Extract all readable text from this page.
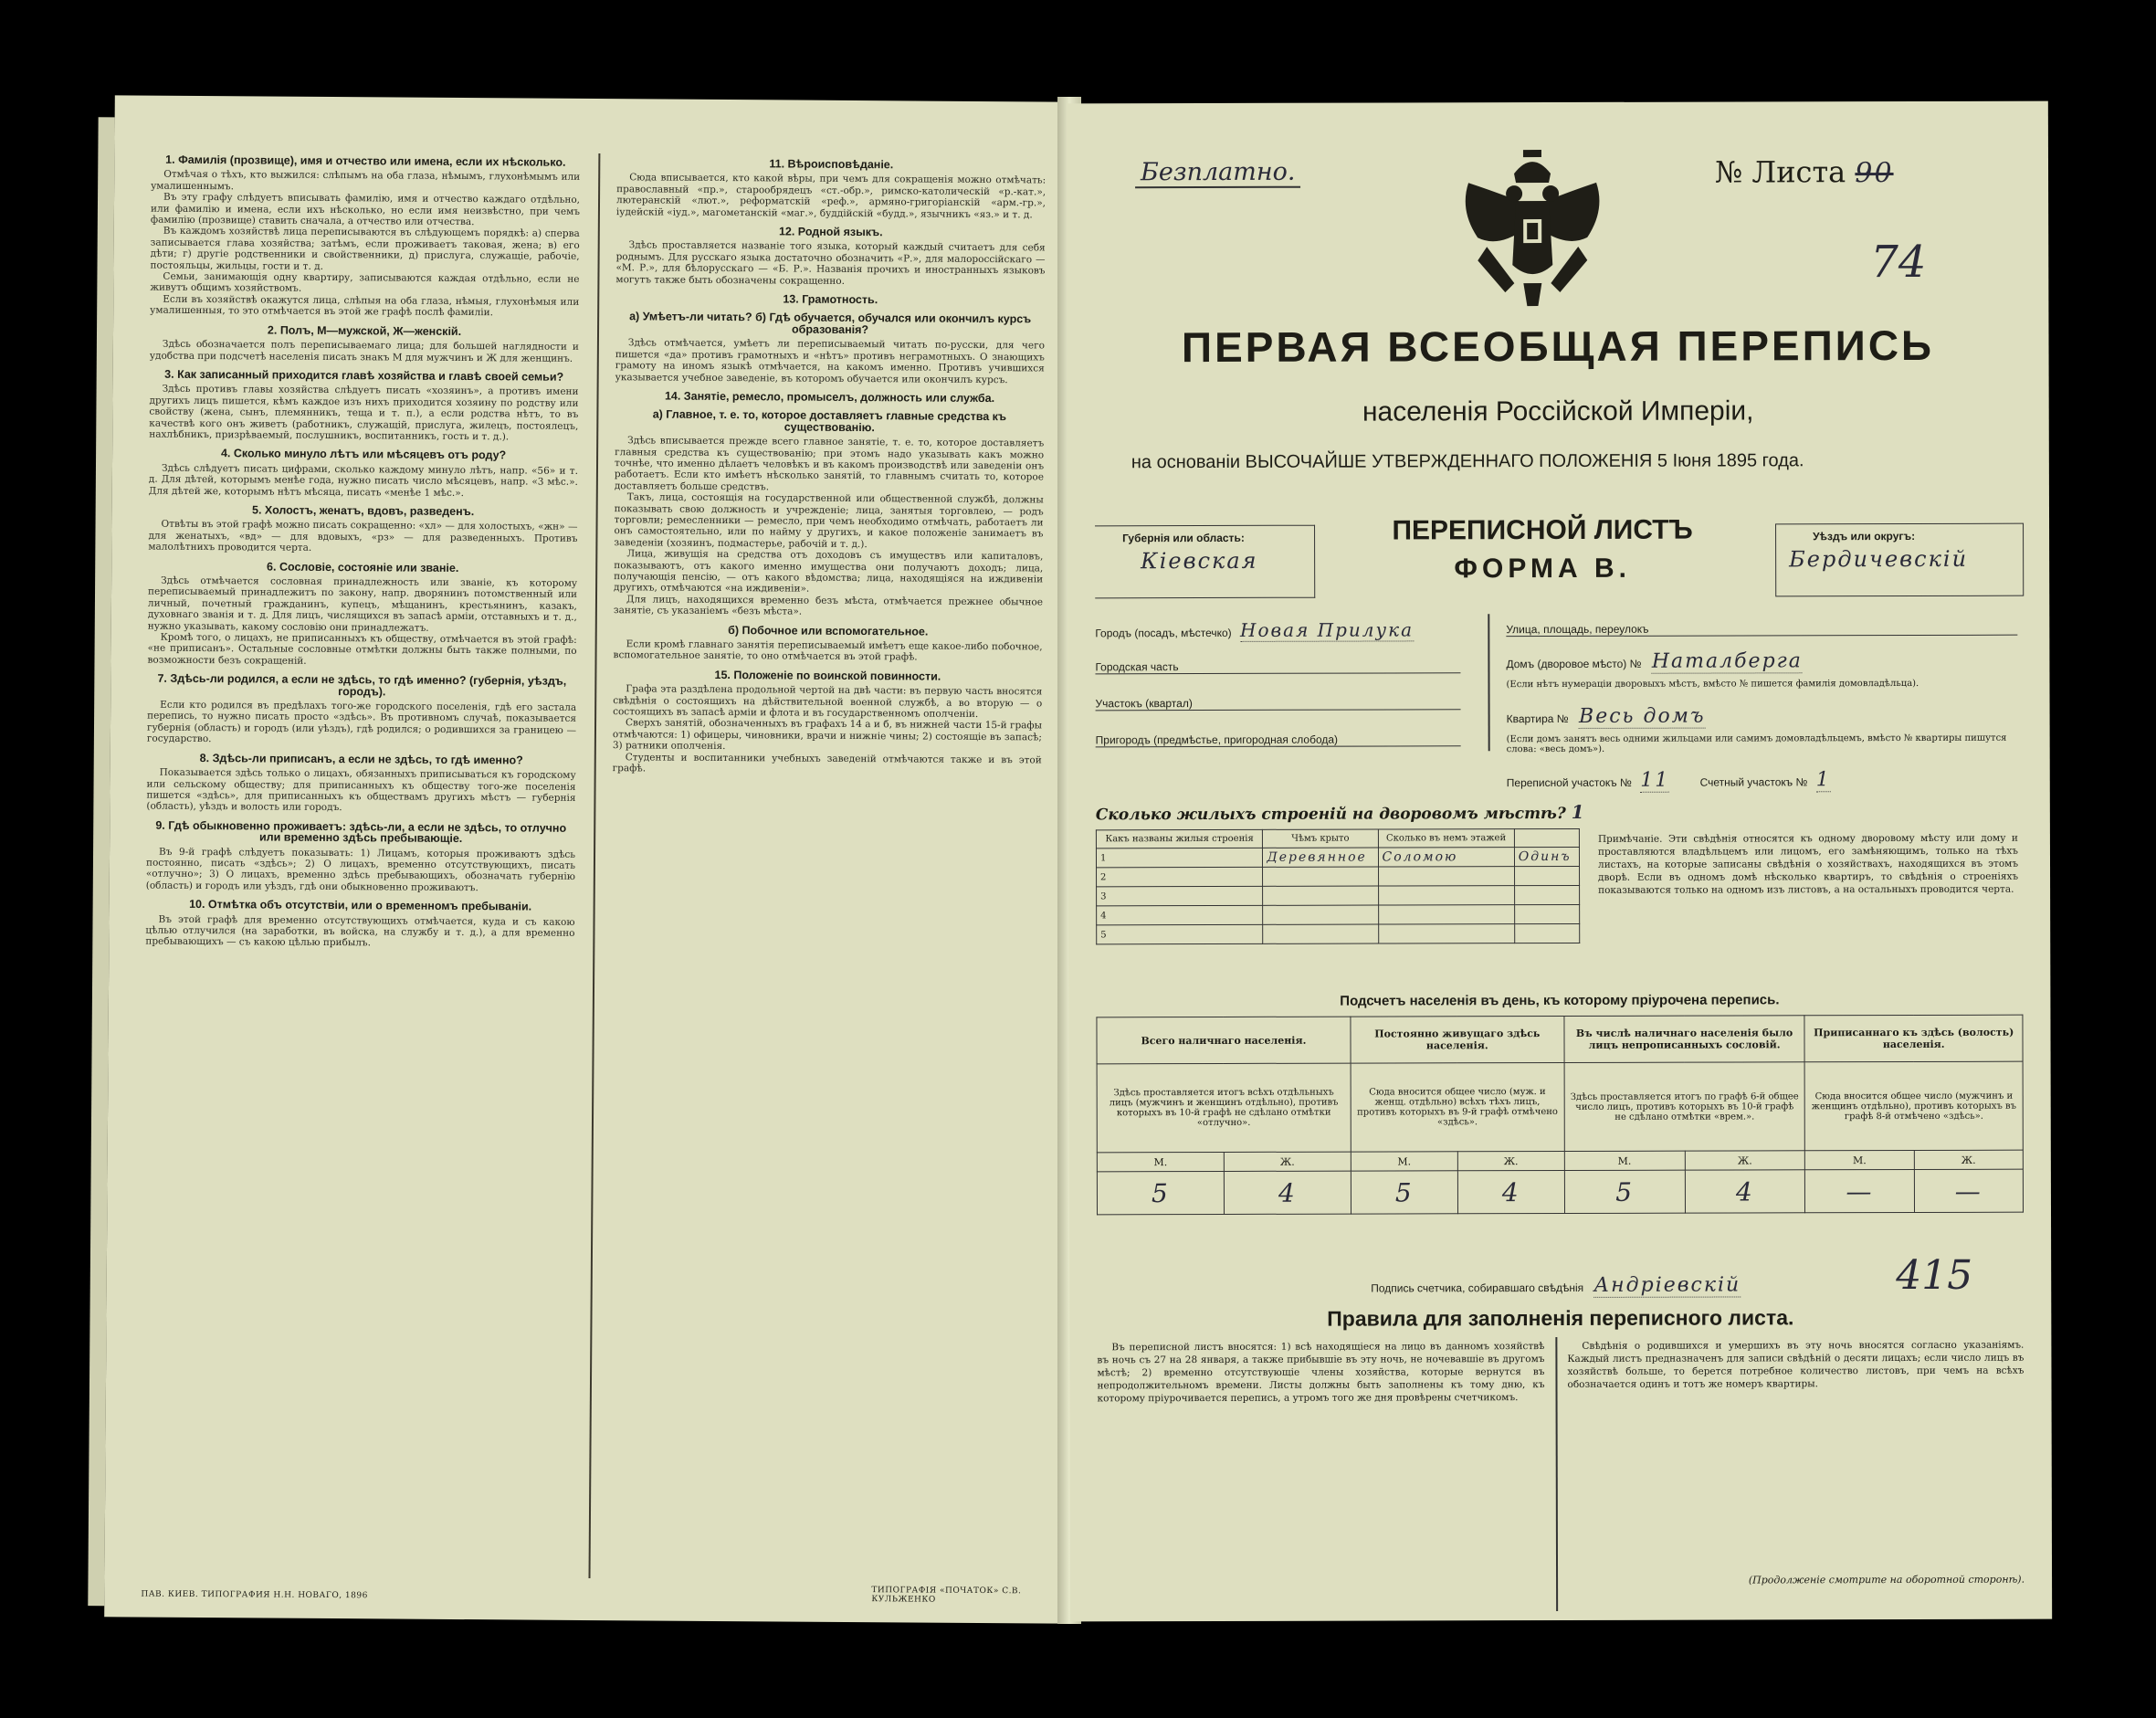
1. Фамилія (прозвище), имя и отчество или имена, если их нѣсколько.

Отмѣчая о тѣхъ, кто выжился: слѣпымъ на оба глаза, нѣмымъ, глухонѣмымъ или умалишеннымъ.

Въ эту графу слѣдуетъ вписывать фамилію, имя и отчество каждаго отдѣльно, или фамилію и имена, если ихъ нѣсколько, но если имя неизвѣстно, при чемъ фамилію (прозвище) ставить сначала, а отчество или отчества.

Въ каждомъ хозяйствѣ лица переписываются въ слѣдующемъ порядкѣ: а) сперва записывается глава хозяйства; затѣмъ, если проживаетъ таковая, жена; в) его дѣти; г) другіе родственники и свойственники, д) прислуга, служащіе, рабочіе, постояльцы, жильцы, гости и т. д.

Семьи, занимающія одну квартиру, записываются каждая отдѣльно, если не живутъ общимъ хозяйствомъ.

Если въ хозяйствѣ окажутся лица, слѣпыя на оба глаза, нѣмыя, глухонѣмыя или умалишенныя, то это отмѣчается въ этой же графѣ послѣ фамиліи.

2. Полъ, М—мужской, Ж—женскій.

Здѣсь обозначается полъ переписываемаго лица; для большей наглядности и удобства при подсчетѣ населенія писать знакъ М для мужчинъ и Ж для женщинъ.

3. Как записанный приходится главѣ хозяйства и главѣ своей семьи?

Здѣсь противъ главы хозяйства слѣдуетъ писать «хозяинъ», а противъ имени другихъ лицъ пишется, кѣмъ каждое изъ нихъ приходится хозяину по родству или свойству (жена, сынъ, племянникъ, теща и т. п.), а если родства нѣтъ, то въ качествѣ кого онъ живетъ (работникъ, служащій, прислуга, жилецъ, постоялецъ, нахлѣбникъ, призрѣваемый, послушникъ, воспитанникъ, гость и т. д.).

4. Сколько минуло лѣтъ или мѣсяцевъ отъ роду?

Здѣсь слѣдуетъ писать цифрами, сколько каждому минуло лѣтъ, напр. «56» и т. д. Для дѣтей, которымъ менѣе года, нужно писать число мѣсяцевъ, напр. «3 мѣс.». Для дѣтей же, которымъ нѣтъ мѣсяца, писать «менѣе 1 мѣс.».

5. Холостъ, женатъ, вдовъ, разведенъ.

Отвѣты въ этой графѣ можно писать сокращенно: «хл» — для холостыхъ, «жн» — для женатыхъ, «вд» — для вдовыхъ, «рз» — для разведенныхъ. Противъ малолѣтнихъ проводится черта.

6. Сословіе, состояніе или званіе.

Здѣсь отмѣчается сословная принадлежность или званіе, къ которому переписываемый принадлежитъ по закону, напр. дворянинъ потомственный или личный, почетный гражданинъ, купецъ, мѣщанинъ, крестьянинъ, казакъ, духовнаго званія и т. д. Для лицъ, числящихся въ запасѣ арміи, отставныхъ и т. д., нужно указывать, какому сословію они принадлежатъ.

Кромѣ того, о лицахъ, не приписанныхъ къ обществу, отмѣчается въ этой графѣ: «не приписанъ». Остальные сословные отмѣтки должны быть также полными, по возможности безъ сокращеній.

7. Здѣсь-ли родился, а если не здѣсь, то гдѣ именно? (губернія, уѣздъ, городъ).

Если кто родился въ предѣлахъ того-же городского поселенія, гдѣ его застала перепись, то нужно писать просто «здѣсь». Въ противномъ случаѣ, показывается губернія (область) и городъ (или уѣздъ), гдѣ родился; о родившихся за границею — государство.

8. Здѣсь-ли приписанъ, а если не здѣсь, то гдѣ именно?

Показывается здѣсь только о лицахъ, обязанныхъ приписываться къ городскому или сельскому обществу; для приписанныхъ къ обществу того-же поселенія пишется «здѣсь», для приписанныхъ къ обществамъ другихъ мѣстъ — губернія (область), уѣздъ и волость или городъ.

9. Гдѣ обыкновенно проживаетъ: здѣсь-ли, а если не здѣсь, то отлучно или временно здѣсь пребывающіе.

Въ 9-й графѣ слѣдуетъ показывать: 1) Лицамъ, которыя проживаютъ здѣсь постоянно, писать «здѣсь»; 2) О лицахъ, временно отсутствующихъ, писать «отлучно»; 3) О лицахъ, временно здѣсь пребывающихъ, обозначать губернію (область) и городъ или уѣздъ, гдѣ они обыкновенно проживаютъ.

10. Отмѣтка объ отсутствіи, или о временномъ пребываніи.

Въ этой графѣ для временно отсутствующихъ отмѣчается, куда и съ какою цѣлью отлучился (на заработки, въ войска, на службу и т. д.), а для временно пребывающихъ — съ какою цѣлью прибылъ.

11. Вѣроисповѣданіе.

Сюда вписывается, кто какой вѣры, при чемъ для сокращенія можно отмѣчать: православный «пр.», старообрядецъ «ст.-обр.», римско-католическій «р.-кат.», лютеранскій «лют.», реформатскій «реф.», армяно-григоріанскій «арм.-гр.», іудейскій «іуд.», магометанскій «маг.», буддійскій «будд.», язычникъ «яз.» и т. д.

12. Родной языкъ.

Здѣсь проставляется названіе того языка, который каждый считаетъ для себя роднымъ. Для русскаго языка достаточно обозначить «Р.», для малороссійскаго — «М. Р.», для бѣлорусскаго — «Б. Р.». Названія прочихъ и иностранныхъ языковъ могутъ также быть обозначены сокращенно.

13. Грамотность.
а) Умѣетъ-ли читать? б) Гдѣ обучается, обучался или окончилъ курсъ образованія?

Здѣсь отмѣчается, умѣетъ ли переписываемый читать по-русски, для чего пишется «да» противъ грамотныхъ и «нѣтъ» противъ неграмотныхъ. О знающихъ грамоту на иномъ языкѣ отмѣчается, на какомъ именно. Противъ учившихся указывается учебное заведеніе, въ которомъ обучается или окончилъ курсъ.

14. Занятіе, ремесло, промыселъ, должность или служба.
а) Главное, т. е. то, которое доставляетъ главные средства къ существованію.

Здѣсь вписывается прежде всего главное занятіе, т. е. то, которое доставляетъ главныя средства къ существованію; при этомъ надо указывать какъ можно точнѣе, что именно дѣлаетъ человѣкъ и въ какомъ производствѣ или заведеніи онъ работаетъ. Если кто имѣетъ нѣсколько занятій, то главнымъ считать то, которое доставляетъ больше средствъ.

Такъ, лица, состоящія на государственной или общественной службѣ, должны показывать свою должность и учрежденіе; лица, занятыя торговлею, — родъ торговли; ремесленники — ремесло, при чемъ необходимо отмѣчать, работаетъ ли онъ самостоятельно, или по найму у другихъ, и какое положеніе занимаетъ въ заведеніи (хозяинъ, подмастерье, рабочій и т. д.).

Лица, живущія на средства отъ доходовъ съ имуществъ или капиталовъ, показываютъ, отъ какого именно имущества они получаютъ доходъ; лица, получающія пенсію, — отъ какого вѣдомства; лица, находящіяся на иждивеніи другихъ, отмѣчаются «на иждивеніи».

Для лицъ, находящихся временно безъ мѣста, отмѣчается прежнее обычное занятіе, съ указаніемъ «безъ мѣста».

б) Побочное или вспомогательное.

Если кромѣ главнаго занятія переписываемый имѣетъ еще какое-либо побочное, вспомогательное занятіе, то оно отмѣчается въ этой графѣ.

15. Положеніе по воинской повинности.

Графа эта раздѣлена продольной чертой на двѣ части: въ первую часть вносятся свѣдѣнія о состоящихъ на дѣйствительной военной службѣ, а во вторую — о состоящихъ въ запасѣ арміи и флота и въ государственномъ ополченіи.

Сверхъ занятій, обозначенныхъ въ графахъ 14 а и б, въ нижней части 15-й графы отмѣчаются: 1) офицеры, чиновники, врачи и нижніе чины; 2) состоящіе въ запасѣ; 3) ратники ополченія.

Студенты и воспитанники учебныхъ заведеній отмѣчаются также и въ этой графѣ.

ПАВ. КИЕВ. ТИПОГРАФИЯ Н.Н. НОВАГО, 1896	ТИПОГРАФІЯ «ПОЧАТОК» С.В. КУЛЬЖЕНКО
Безплатно.	№ Листа 90
74
ПЕРВАЯ ВСЕОБЩАЯ ПЕРЕПИСЬ
населенія Россійской Имперіи,
на основаніи ВЫСОЧАЙШЕ УТВЕРЖДЕННАГО ПОЛОЖЕНІЯ 5 Іюня 1895 года.
Губернія или область:
Кіевская
ПЕРЕПИСНОЙ ЛИСТЪ
ФОРМА В.
Уѣздъ или округъ:
Бердичевскій
Городъ (посадъ, мѣстечко) Новая Прилука
Городская часть
Участокъ (квартал)
Пригородъ (предмѣстье, пригородная слобода)
Улица, площадь, переулокъ
Домъ (дворовое мѣсто) № Наталберга
(Если нѣтъ нумераціи дворовыхъ мѣстъ, вмѣсто № пишется фамилія домовладѣльца).
Квартира № Весь домъ
(Если домъ занятъ весь одними жильцами или самимъ домовладѣльцемъ, вмѣсто № квартиры пишутся слова: «весь домъ»).
Переписной участокъ № 11	Счетный участокъ № 1
Сколько жилыхъ строеній на дворовомъ мѣстѣ? 1
Какъ названы жилыя строенія	Чѣмъ крыто	Сколько въ немъ этажей	
1	Деревянное	Соломою	Одинъ
2			
3			
4			
5			
Примѣчаніе. Эти свѣдѣнія относятся къ одному дворовому мѣсту или дому и проставляются владѣльцемъ или лицомъ, его замѣняющимъ, только на тѣхъ листахъ, на которые записаны свѣдѣнія о хозяйствахъ, находящихся въ этомъ дворѣ. Если въ одномъ домѣ нѣсколько квартиръ, то свѣдѣнія о строеніяхъ показываются только на одномъ изъ листовъ, а на остальныхъ проводится черта.
Подсчетъ населенія въ день, къ которому пріурочена перепись.
Всего наличнаго населенія.		Постоянно живущаго здѣсь населенія.		Въ числѣ наличнаго населенія было лицъ непрописанныхъ сословій.		Приписаннаго къ здѣсь (волость) населенія.	
Здѣсь проставляется итогъ всѣхъ отдѣльныхъ лицъ (мужчинъ и женщинъ отдѣльно), противъ которыхъ въ 10-й графѣ не сдѣлано отмѣтки «отлучно».		Сюда вносится общее число (муж. и женщ. отдѣльно) всѣхъ тѣхъ лицъ, противъ которыхъ въ 9-й графѣ отмѣчено «здѣсь».		Здѣсь проставляется итогъ по графѣ 6-й общее число лицъ, противъ которыхъ въ 10-й графѣ не сдѣлано отмѣтки «врем.».		Сюда вносится общее число (мужчинъ и женщинъ отдѣльно), противъ которыхъ въ графѣ 8-й отмѣчено «здѣсь».	
М.	Ж.	М.	Ж.	М.	Ж.	М.	Ж.
5	4	5	4	5	4	—	—
Подпись счетчика, собиравшаго свѣдѣнія Андріевскій	415
Правила для заполненія переписного листа.
Въ переписной листъ вносятся: 1) всѣ находящіеся на лицо въ данномъ хозяйствѣ въ ночь съ 27 на 28 января, а также прибывшіе въ эту ночь, не ночевавшіе въ другомъ мѣстѣ; 2) временно отсутствующіе члены хозяйства, которые вернутся въ непродолжительномъ времени. Листы должны быть заполнены къ тому дню, къ которому пріурочивается перепись, а утромъ того же дня провѣрены счетчикомъ.
Свѣдѣнія о родившихся и умершихъ въ эту ночь вносятся согласно указаніямъ. Каждый листъ предназначенъ для записи свѣдѣній о десяти лицахъ; если число лицъ въ хозяйствѣ больше, то берется потребное количество листовъ, при чемъ на всѣхъ обозначается одинъ и тотъ же номеръ квартиры.
(Продолженіе смотрите на оборотной сторонѣ).
